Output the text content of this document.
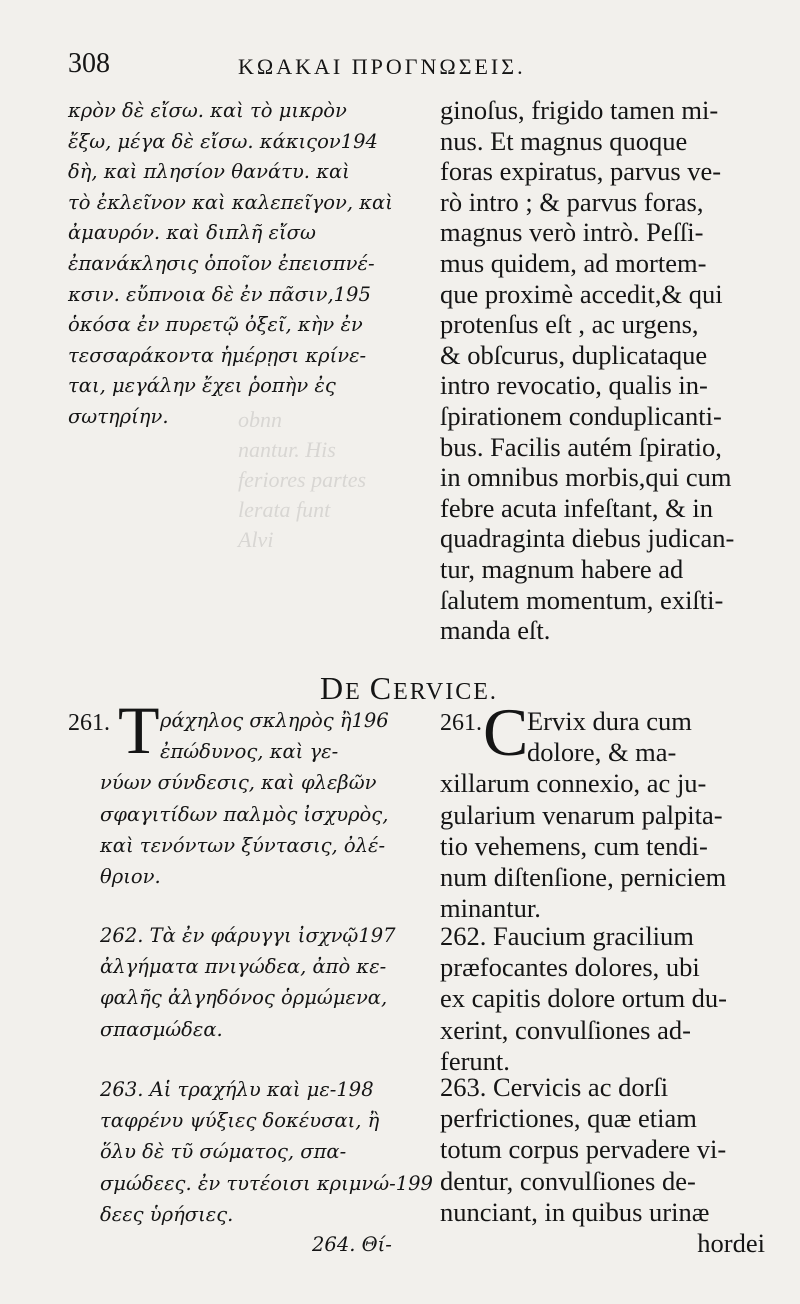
308	ΚΩΑΚΑΙ ΠΡΟΓΝΩΣΕΙΣ.
obnn
nantur. His
feriores partes
lerata funt
Alvi
κρὸν δὲ εἴσω. καὶ τὸ μικρὸν
ἔξω, μέγα δὲ εἴσω. κάκιςον194
δὴ, καὶ πλησίον θανάτυ. καὶ
τὸ ἐκλεῖνον καὶ καλεπεῖγον, καὶ
ἀμαυρόν. καὶ διπλῆ εἴσω
ἐπανάκλησις ὁποῖον ἐπεισπνέ-
κσιν. εὔπνοια δὲ ἐν πᾶσιν,195
ὁκόσα ἐν πυρετῷ ὀξεῖ, κὴν ἐν
τεσσαράκοντα ἡμέρῃσι κρίνε-
ται, μεγάλην ἔχει ῥοπὴν ἐς
σωτηρίην.
ginoſus, frigido tamen mi-
nus. Et magnus quoque
foras expiratus, parvus ve-
rò intro ; & parvus foras,
magnus verò intrò. Peſſi-
mus quidem, ad mortem-
que proximè accedit,& qui
protenſus eſt , ac urgens,
& obſcurus, duplicataque
intro revocatio, qualis in-
ſpirationem conduplicanti-
bus. Facilis autém ſpiratio,
in omnibus morbis,qui cum
febre acuta infeſtant, & in
quadraginta diebus judican-
tur, magnum habere ad
ſalutem momentum, exiſti-
manda eſt.
DE CERVICE.
261. Τ ράχηλος σκληρὸς ἢ196
ἐπώδυνος, καὶ γε-
νύων σύνδεσις, καὶ φλεβῶν
σφαγιτίδων παλμὸς ἰσχυρὸς,
καὶ τενόντων ξύντασις, ὀλέ-
θριον.
261. C
Ervix dura cum
dolore, & ma-
xillarum connexio, ac ju-
gularium venarum palpita-
tio vehemens, cum tendi-
num diſtenſione, perniciem
minantur.
262. Τὰ ἐν φάρυγγι ἰσχνῷ197
ἀλγήματα πνιγώδεα, ἀπὸ κε-
φαλῆς ἀλγηδόνος ὁρμώμενα,
σπασμώδεα.
262. Faucium gracilium
præfocantes dolores, ubi
ex capitis dolore ortum du-
xerint, convulſiones ad-
ferunt.
263. Αἱ τραχήλυ καὶ με-198
ταφρένυ ψύξιες δοκέυσαι, ἢ
ὅλυ δὲ τῦ σώματος, σπα-
σμώδεες. ἐν τυτέοισι κριμνώ-199
δεες ὑρήσιες.
263. Cervicis ac dorſi
perfrictiones, quæ etiam
totum corpus pervadere vi-
dentur, convulſiones de-
nunciant, in quibus urinæ
hordei
264. Θί-
